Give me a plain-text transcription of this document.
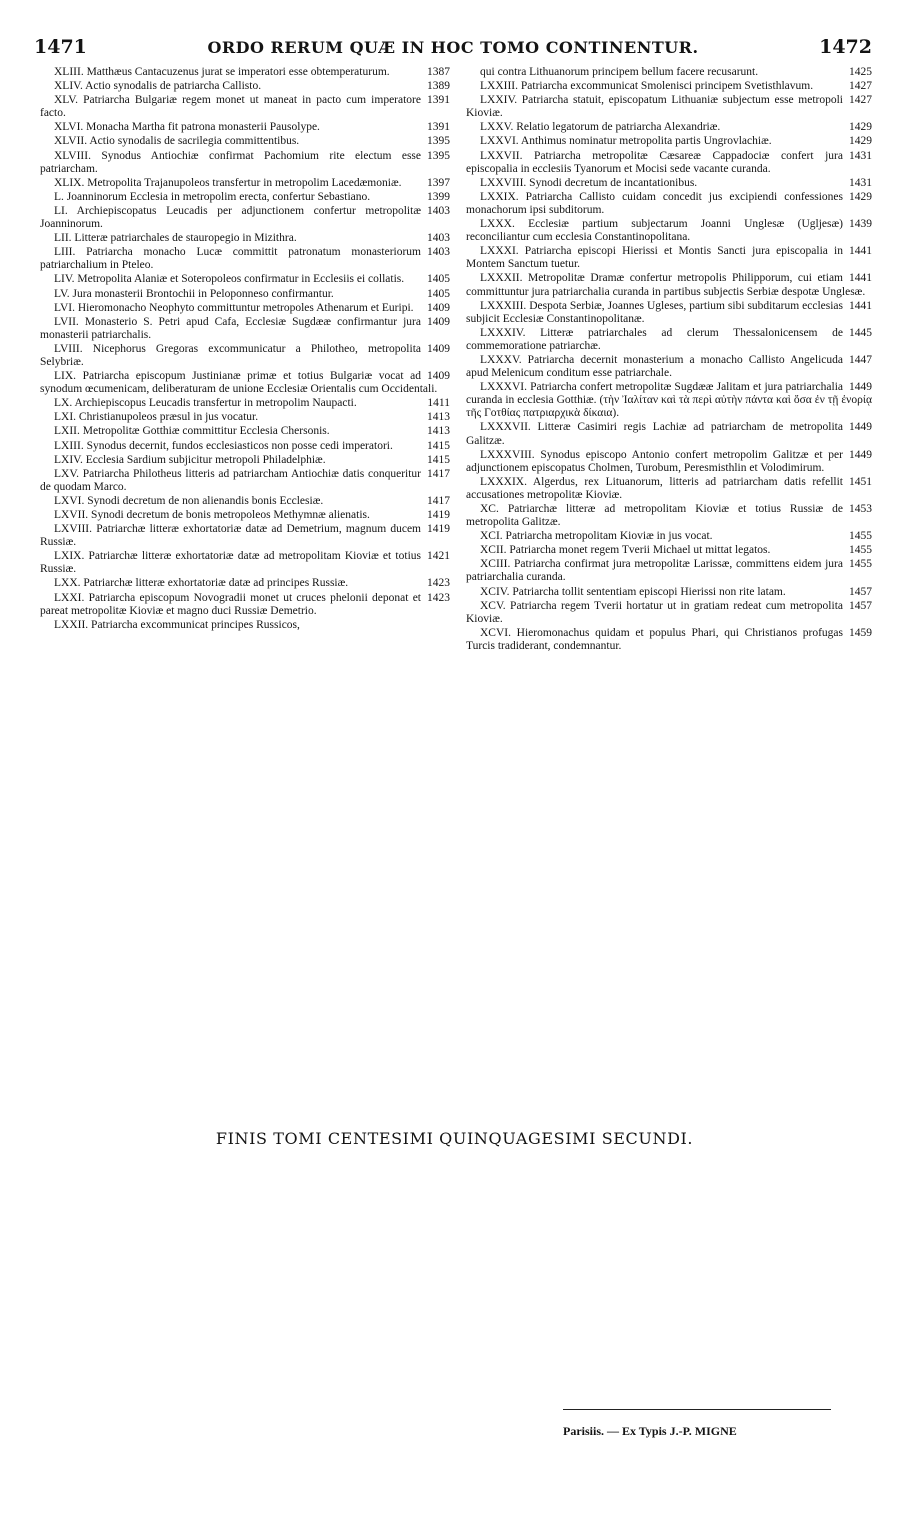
1471	ORDO RERUM QUÆ IN HOC TOMO CONTINENTUR.	1472
1387
XLIII. Matthæus Cantacuzenus jurat se imperatori esse obtemperaturum.
1389
XLIV. Actio synodalis de patriarcha Callisto.
1391
XLV. Patriarcha Bulgariæ regem monet ut maneat in pacto cum imperatore facto.
1391
XLVI. Monacha Martha fit patrona monasterii Pausolype.
1395
XLVII. Actio synodalis de sacrilegia committentibus.
1395
XLVIII. Synodus Antiochiæ confirmat Pachomium rite electum esse patriarcham.
1397
XLIX. Metropolita Trajanupoleos transfertur in metropolim Lacedæmoniæ.
1399
L. Joanninorum Ecclesia in metropolim erecta, confertur Sebastiano.
1403
LI. Archiepiscopatus Leucadis per adjunctionem confertur metropolitæ Joanninorum.
1403
LII. Litteræ patriarchales de stauropegio in Mizithra.
1403
LIII. Patriarcha monacho Lucæ committit patronatum monasteriorum patriarchalium in Pteleo.
1405
LIV. Metropolita Alaniæ et Soteropoleos confirmatur in Ecclesiis ei collatis.
1405
LV. Jura monasterii Brontochii in Peloponneso confirmantur.
1409
LVI. Hieromonacho Neophyto committuntur metropoles Athenarum et Euripi.
1409
LVII. Monasterio S. Petri apud Cafa, Ecclesiæ Sugdææ confirmantur jura monasterii patriarchalis.
1409
LVIII. Nicephorus Gregoras excommunicatur a Philotheo, metropolita Selybriæ.
1409
LIX. Patriarcha episcopum Justinianæ primæ et totius Bulgariæ vocat ad synodum œcumenicam, deliberaturam de unione Ecclesiæ Orientalis cum Occidentali.
1411
LX. Archiepiscopus Leucadis transfertur in metropolim Naupacti.
1413
LXI. Christianupoleos præsul in jus vocatur.
1413
LXII. Metropolitæ Gotthiæ committitur Ecclesia Chersonis.
1415
LXIII. Synodus decernit, fundos ecclesiasticos non posse cedi imperatori.
1415
LXIV. Ecclesia Sardium subjicitur metropoli Philadelphiæ.
1417
LXV. Patriarcha Philotheus litteris ad patriarcham Antiochiæ datis conqueritur de quodam Marco.
1417
LXVI. Synodi decretum de non alienandis bonis Ecclesiæ.
1419
LXVII. Synodi decretum de bonis metropoleos Methymnæ alienatis.
1419
LXVIII. Patriarchæ litteræ exhortatoriæ datæ ad Demetrium, magnum ducem Russiæ.
1421
LXIX. Patriarchæ litteræ exhortatoriæ datæ ad metropolitam Kioviæ et totius Russiæ.
1423
LXX. Patriarchæ litteræ exhortatoriæ datæ ad principes Russiæ.
1423
LXXI. Patriarcha episcopum Novogradii monet ut cruces phelonii deponat et pareat metropolitæ Kioviæ et magno duci Russiæ Demetrio.
LXXII. Patriarcha excommunicat principes Russicos,
1425
qui contra Lithuanorum principem bellum facere recusarunt.
1427
LXXIII. Patriarcha excommunicat Smolenisci principem Svetisthlavum.
1427
LXXIV. Patriarcha statuit, episcopatum Lithuaniæ subjectum esse metropoli Kioviæ.
1429
LXXV. Relatio legatorum de patriarcha Alexandriæ.
1429
LXXVI. Anthimus nominatur metropolita partis Ungrovlachiæ.
1431
LXXVII. Patriarcha metropolitæ Cæsareæ Cappadociæ confert jura episcopalia in ecclesiis Tyanorum et Mocisi sede vacante curanda.
1431
LXXVIII. Synodi decretum de incantationibus.
1429
LXXIX. Patriarcha Callisto cuidam concedit jus excipiendi confessiones monachorum ipsi subditorum.
1439
LXXX. Ecclesiæ partium subjectarum Joanni Unglesæ (Ugljesæ) reconciliantur cum ecclesia Constantinopolitana.
1441
LXXXI. Patriarcha episcopi Hierissi et Montis Sancti jura episcopalia in Montem Sanctum tuetur.
1441
LXXXII. Metropolitæ Dramæ confertur metropolis Philipporum, cui etiam committuntur jura patriarchalia curanda in partibus subjectis Serbiæ despotæ Unglesæ.
1441
LXXXIII. Despota Serbiæ, Joannes Ugleses, partium sibi subditarum ecclesias subjicit Ecclesiæ Constantinopolitanæ.
1445
LXXXIV. Litteræ patriarchales ad clerum Thessalonicensem de commemoratione patriarchæ.
1447
LXXXV. Patriarcha decernit monasterium a monacho Callisto Angelicuda apud Melenicum conditum esse patriarchale.
1449
LXXXVI. Patriarcha confert metropolitæ Sugdææ Jalitam et jura patriarchalia curanda in ecclesia Gotthiæ. (τὴν Ἰαλίταν καὶ τὰ περὶ αὐτὴν πάντα καὶ ὅσα ἐν τῇ ἐνορίᾳ τῆς Γοτθίας πατριαρχικὰ δίκαια).
1449
LXXXVII. Litteræ Casimiri regis Lachiæ ad patriarcham de metropolita Galitzæ.
1449
LXXXVIII. Synodus episcopo Antonio confert metropolim Galitzæ et per adjunctionem episcopatus Cholmen, Turobum, Peresmisthlin et Volodimirum.
1451
LXXXIX. Algerdus, rex Lituanorum, litteris ad patriarcham datis refellit accusationes metropolitæ Kioviæ.
1453
XC. Patriarchæ litteræ ad metropolitam Kioviæ et totius Russiæ de metropolita Galitzæ.
1455
XCI. Patriarcha metropolitam Kioviæ in jus vocat.
1455
XCII. Patriarcha monet regem Tverii Michael ut mittat legatos.
1455
XCIII. Patriarcha confirmat jura metropolitæ Larissæ, committens eidem jura patriarchalia curanda.
1457
XCIV. Patriarcha tollit sententiam episcopi Hierissi non rite latam.
1457
XCV. Patriarcha regem Tverii hortatur ut in gratiam redeat cum metropolita Kioviæ.
1459
XCVI. Hieromonachus quidam et populus Phari, qui Christianos profugas Turcis tradiderant, condemnantur.
FINIS TOMI CENTESIMI QUINQUAGESIMI SECUNDI.
Parisiis. — Ex Typis J.-P. MIGNE
